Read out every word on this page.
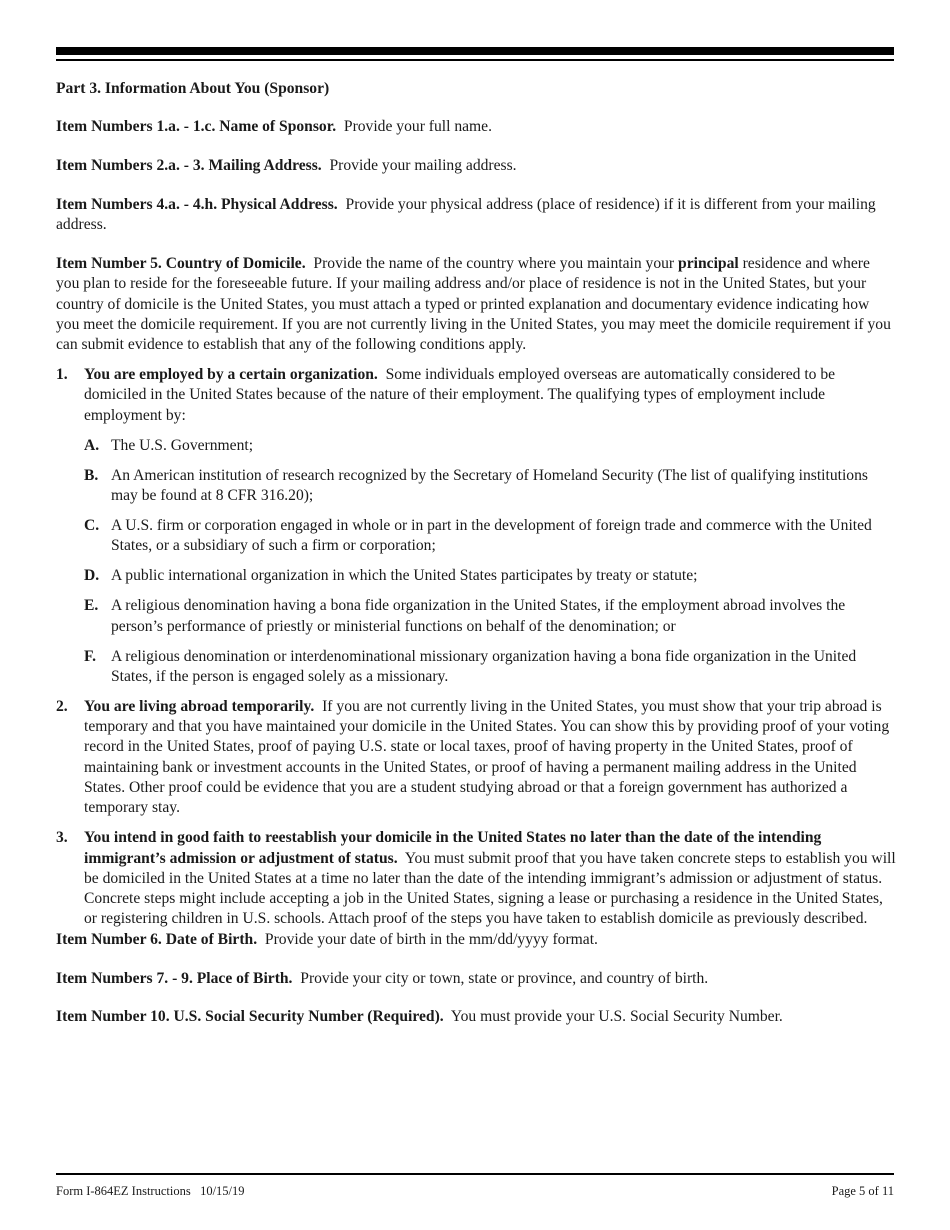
Part 3. Information About You (Sponsor)

Item Numbers 1.a. - 1.c. Name of Sponsor. Provide your full name.

Item Numbers 2.a. - 3. Mailing Address. Provide your mailing address.

Item Numbers 4.a. - 4.h. Physical Address. Provide your physical address (place of residence) if it is different from your mailing address.

Item Number 5. Country of Domicile. Provide the name of the country where you maintain your principal residence and where you plan to reside for the foreseeable future. If your mailing address and/or place of residence is not in the United States, but your country of domicile is the United States, you must attach a typed or printed explanation and documentary evidence indicating how you meet the domicile requirement. If you are not currently living in the United States, you may meet the domicile requirement if you can submit evidence to establish that any of the following conditions apply.

1. You are employed by a certain organization. Some individuals employed overseas are automatically considered to be domiciled in the United States because of the nature of their employment. The qualifying types of employment include employment by:
A. The U.S. Government;
B. An American institution of research recognized by the Secretary of Homeland Security (The list of qualifying institutions may be found at 8 CFR 316.20);
C. A U.S. firm or corporation engaged in whole or in part in the development of foreign trade and commerce with the United States, or a subsidiary of such a firm or corporation;
D. A public international organization in which the United States participates by treaty or statute;
E. A religious denomination having a bona fide organization in the United States, if the employment abroad involves the person’s performance of priestly or ministerial functions on behalf of the denomination; or
F. A religious denomination or interdenominational missionary organization having a bona fide organization in the United States, if the person is engaged solely as a missionary.
2. You are living abroad temporarily. If you are not currently living in the United States, you must show that your trip abroad is temporary and that you have maintained your domicile in the United States. You can show this by providing proof of your voting record in the United States, proof of paying U.S. state or local taxes, proof of having property in the United States, proof of maintaining bank or investment accounts in the United States, or proof of having a permanent mailing address in the United States. Other proof could be evidence that you are a student studying abroad or that a foreign government has authorized a temporary stay.
3. You intend in good faith to reestablish your domicile in the United States no later than the date of the intending immigrant’s admission or adjustment of status. You must submit proof that you have taken concrete steps to establish you will be domiciled in the United States at a time no later than the date of the intending immigrant’s admission or adjustment of status. Concrete steps might include accepting a job in the United States, signing a lease or purchasing a residence in the United States, or registering children in U.S. schools. Attach proof of the steps you have taken to establish domicile as previously described.

Item Number 6. Date of Birth. Provide your date of birth in the mm/dd/yyyy format.

Item Numbers 7. - 9. Place of Birth. Provide your city or town, state or province, and country of birth.

Item Number 10. U.S. Social Security Number (Required). You must provide your U.S. Social Security Number.

Form I-864EZ Instructions   10/15/19	Page 5 of 11
